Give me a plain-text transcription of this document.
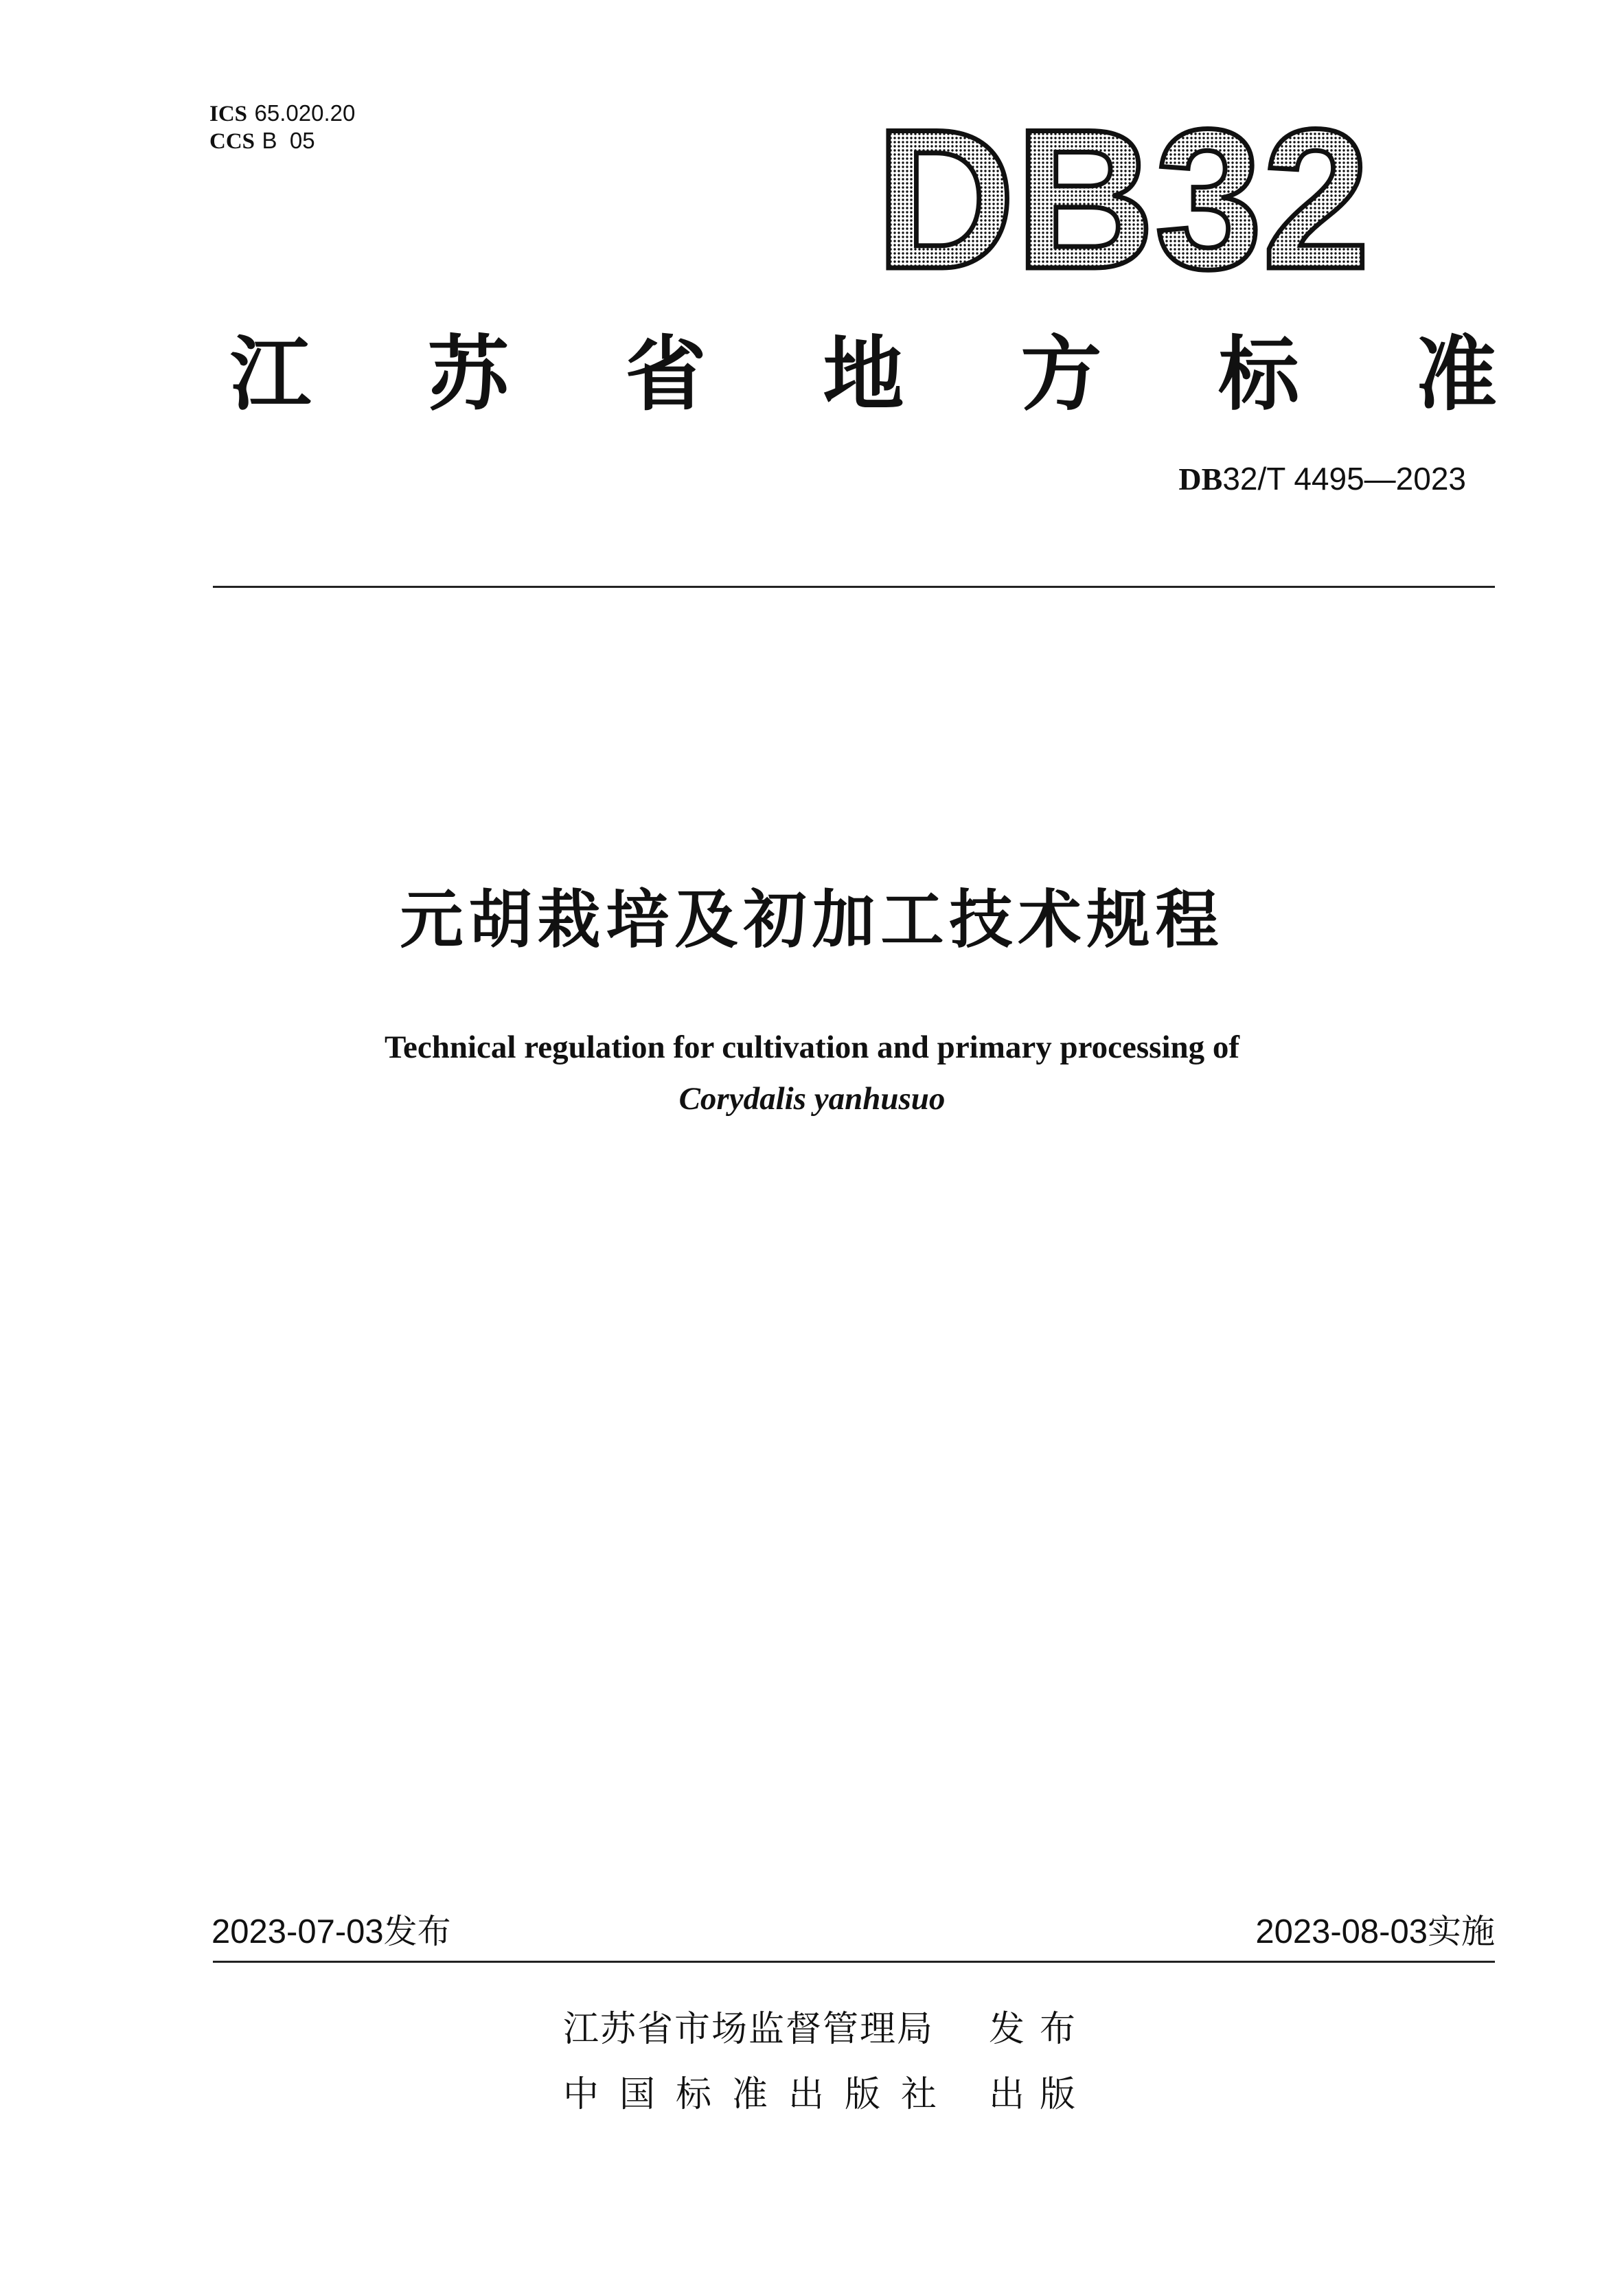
ICS 65.020.20
CCS B  05	DB32
江 苏 省 地 方 标 准
DB32/T 4495—2023
元胡栽培及初加工技术规程
Technical regulation for cultivation and primary processing of
Corydalis yanhusuo
2023-07-03发布	2023-08-03实施
江苏省市场监督管理局 发布
中国标准出版社 出版
